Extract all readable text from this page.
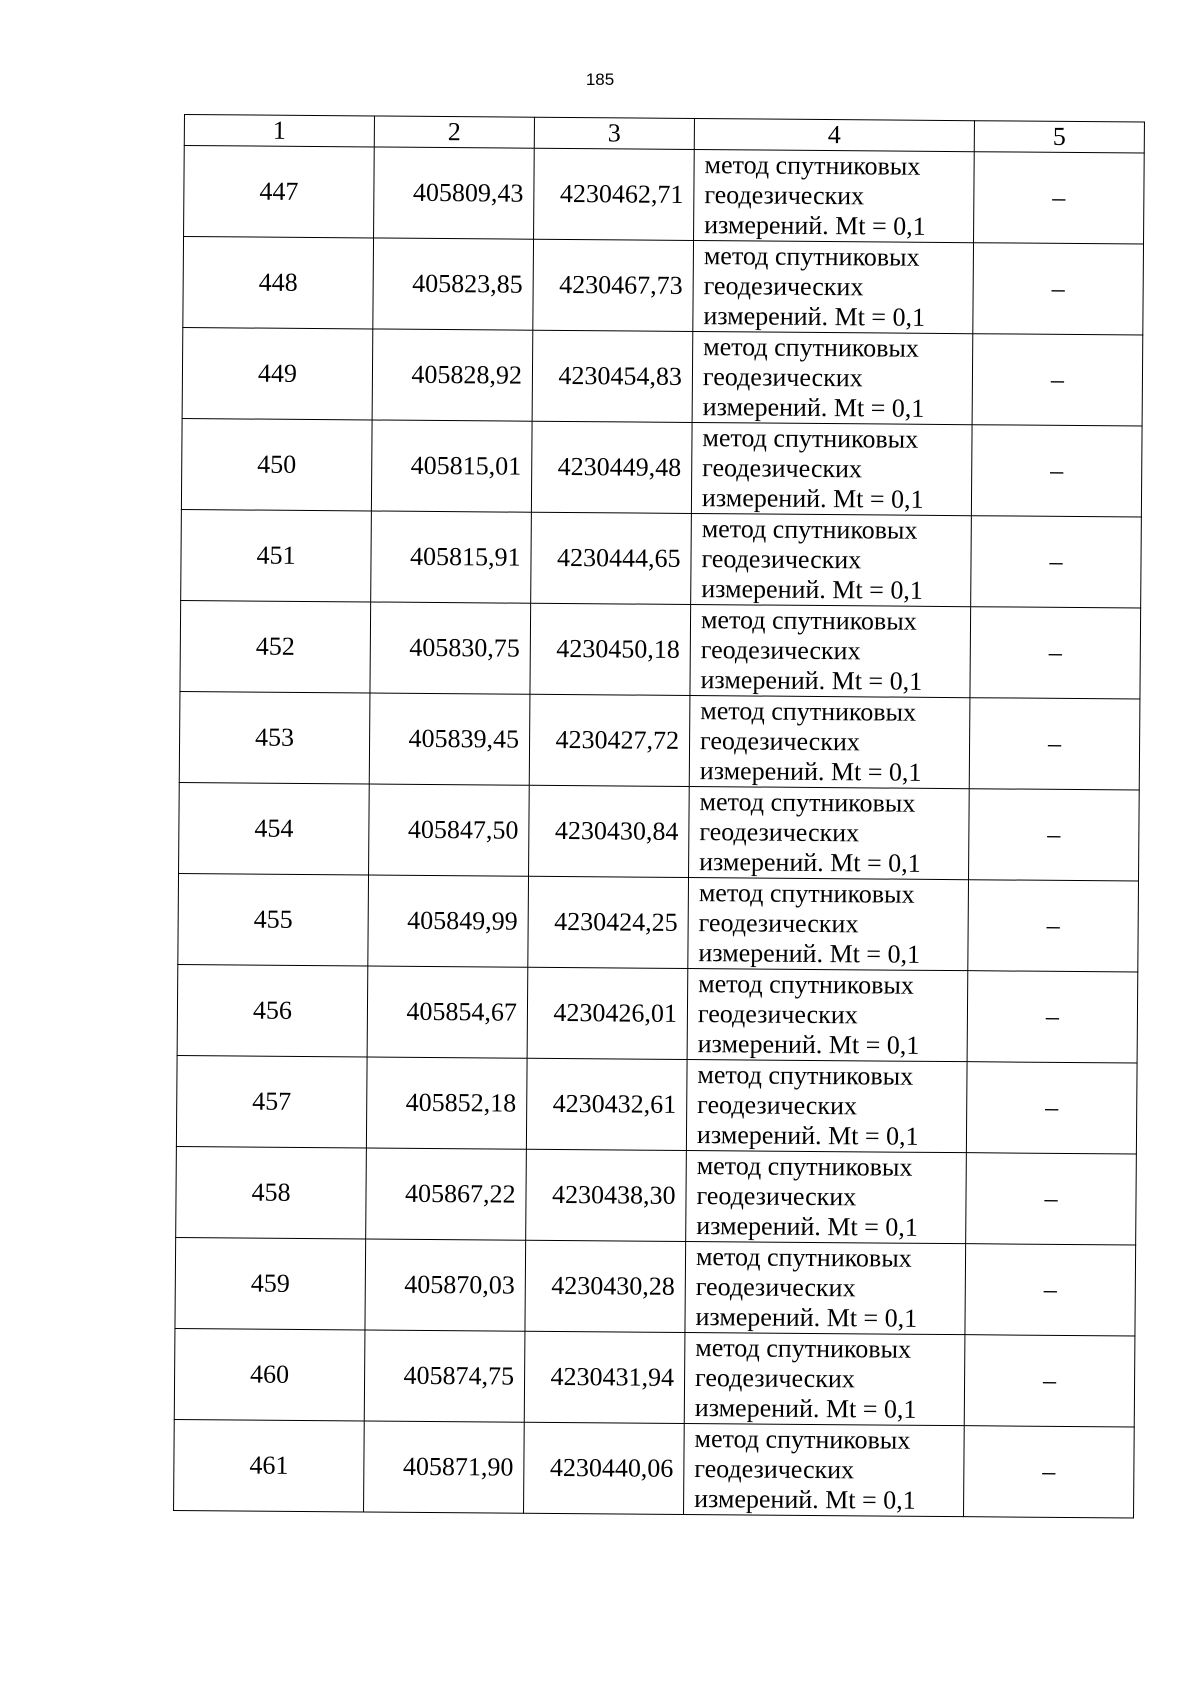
185
1	2	3	4	5
447	405809,43	4230462,71	метод спутниковых
геодезических
измерений. Mt = 0,1	–
448	405823,85	4230467,73	метод спутниковых
геодезических
измерений. Mt = 0,1	–
449	405828,92	4230454,83	метод спутниковых
геодезических
измерений. Mt = 0,1	–
450	405815,01	4230449,48	метод спутниковых
геодезических
измерений. Mt = 0,1	–
451	405815,91	4230444,65	метод спутниковых
геодезических
измерений. Mt = 0,1	–
452	405830,75	4230450,18	метод спутниковых
геодезических
измерений. Mt = 0,1	–
453	405839,45	4230427,72	метод спутниковых
геодезических
измерений. Mt = 0,1	–
454	405847,50	4230430,84	метод спутниковых
геодезических
измерений. Mt = 0,1	–
455	405849,99	4230424,25	метод спутниковых
геодезических
измерений. Mt = 0,1	–
456	405854,67	4230426,01	метод спутниковых
геодезических
измерений. Mt = 0,1	–
457	405852,18	4230432,61	метод спутниковых
геодезических
измерений. Mt = 0,1	–
458	405867,22	4230438,30	метод спутниковых
геодезических
измерений. Mt = 0,1	–
459	405870,03	4230430,28	метод спутниковых
геодезических
измерений. Mt = 0,1	–
460	405874,75	4230431,94	метод спутниковых
геодезических
измерений. Mt = 0,1	–
461	405871,90	4230440,06	метод спутниковых
геодезических
измерений. Mt = 0,1	–
